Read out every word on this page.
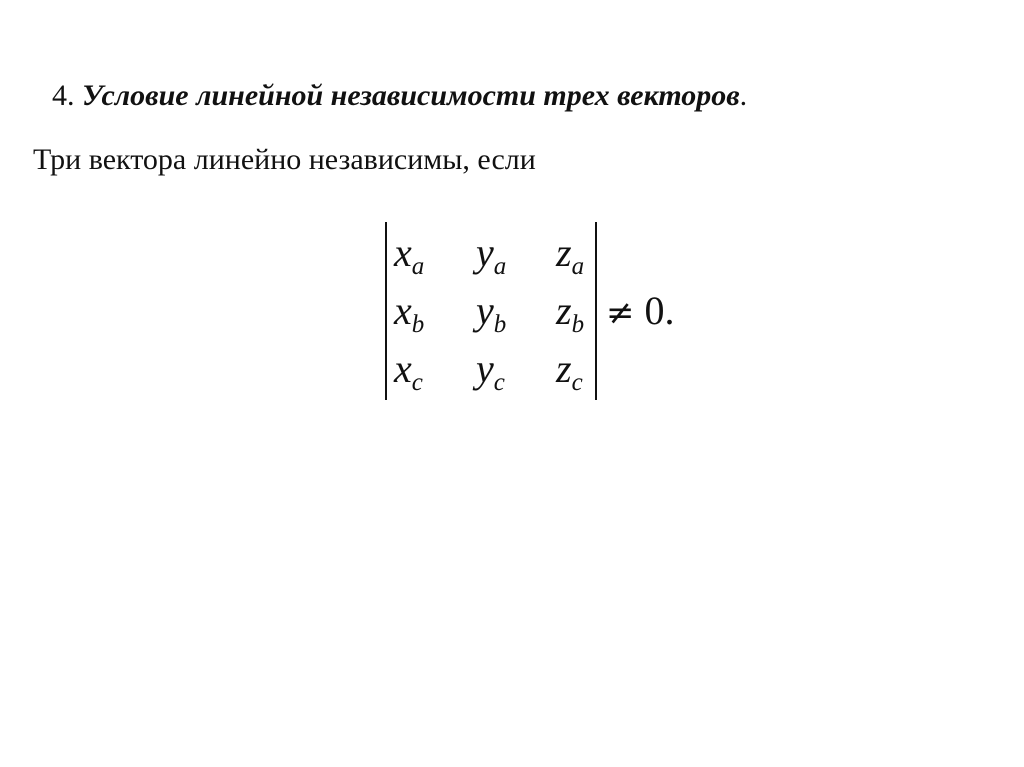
4. Условие линейной независимости трех векторов.
Три вектора линейно независимы, если
$x_a$	$y_a$	$z_a$
$x_b$	$y_b$	$z_b$
$x_c$	$y_c$	$z_c$
≠ 0.
